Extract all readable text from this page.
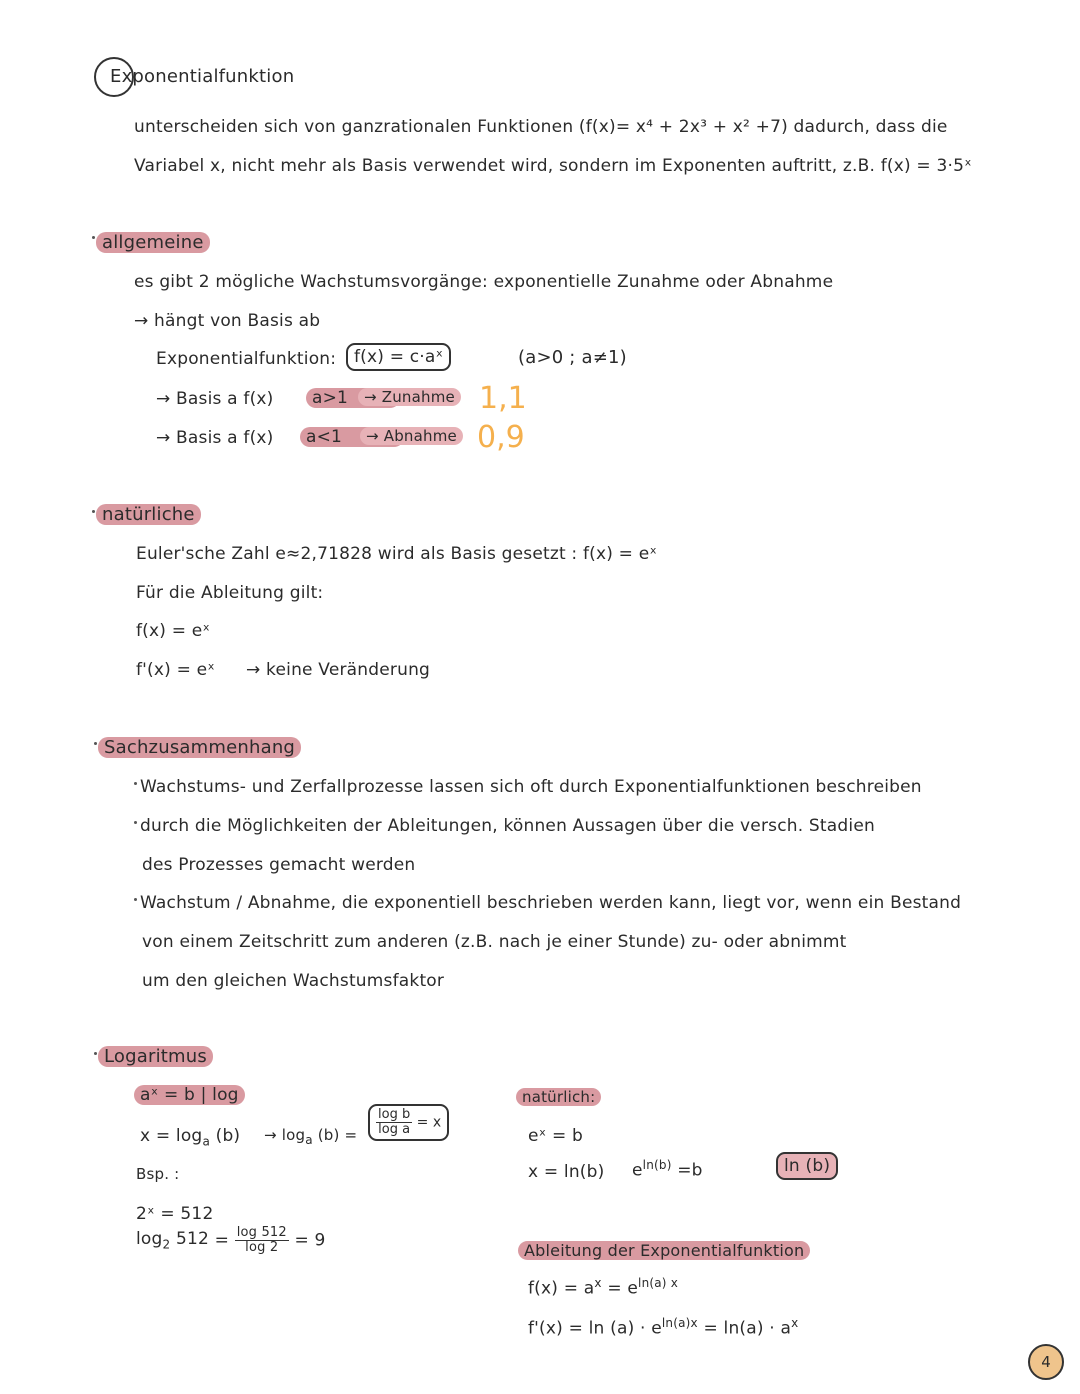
Exponentialfunktion
unterscheiden sich von ganzrationalen Funktionen (f(x)= x⁴ + 2x³ + x² +7) dadurch, dass die
Variabel x, nicht mehr als Basis verwendet wird, sondern im Exponenten auftritt, z.B. f(x) = 3·5ˣ
allgemeine
es gibt 2 mögliche Wachstumsvorgänge: exponentielle Zunahme oder Abnahme
→ hängt von Basis ab
Exponentialfunktion:	f(x) = c·aˣ	(a>0 ; a≠1)
→ Basis a f(x)	a>1	→ Zunahme 1,1
→ Basis a f(x)	a<1	→ Abnahme 0,9
natürliche
Euler'sche Zahl e≈2,71828 wird als Basis gesetzt : f(x) = eˣ
Für die Ableitung gilt:
f(x) = eˣ
f'(x) = eˣ → keine Veränderung
Sachzusammenhang
Wachstums- und Zerfallprozesse lassen sich oft durch Exponentialfunktionen beschreiben
durch die Möglichkeiten der Ableitungen, können Aussagen über die versch. Stadien
des Prozesses gemacht werden
Wachstum / Abnahme, die exponentiell beschrieben werden kann, liegt vor, wenn ein Bestand
von einem Zeitschritt zum anderen (z.B. nach je einer Stunde) zu- oder abnimmt
um den gleichen Wachstumsfaktor
Logaritmus
aˣ = b | log
$x = \log_a (b) \to \log_a (b) = \frac{\text{log b}}{\text{log a}} = x$
Bsp. :
2ˣ = 512
$\log_2 512 = \frac{\log 512}{\log 2} = 9$
natürlich:
eˣ = b
x = ln(b) $e^{ln(b)} =b$	ln (b)
Ableitung der Exponentialfunktion
$f(x) = a^x = e^{ln(a) x}$
$f'(x) = \ln (a) \cdot e^{ln(a)x} = \ln(a) \cdot a^x$
4
